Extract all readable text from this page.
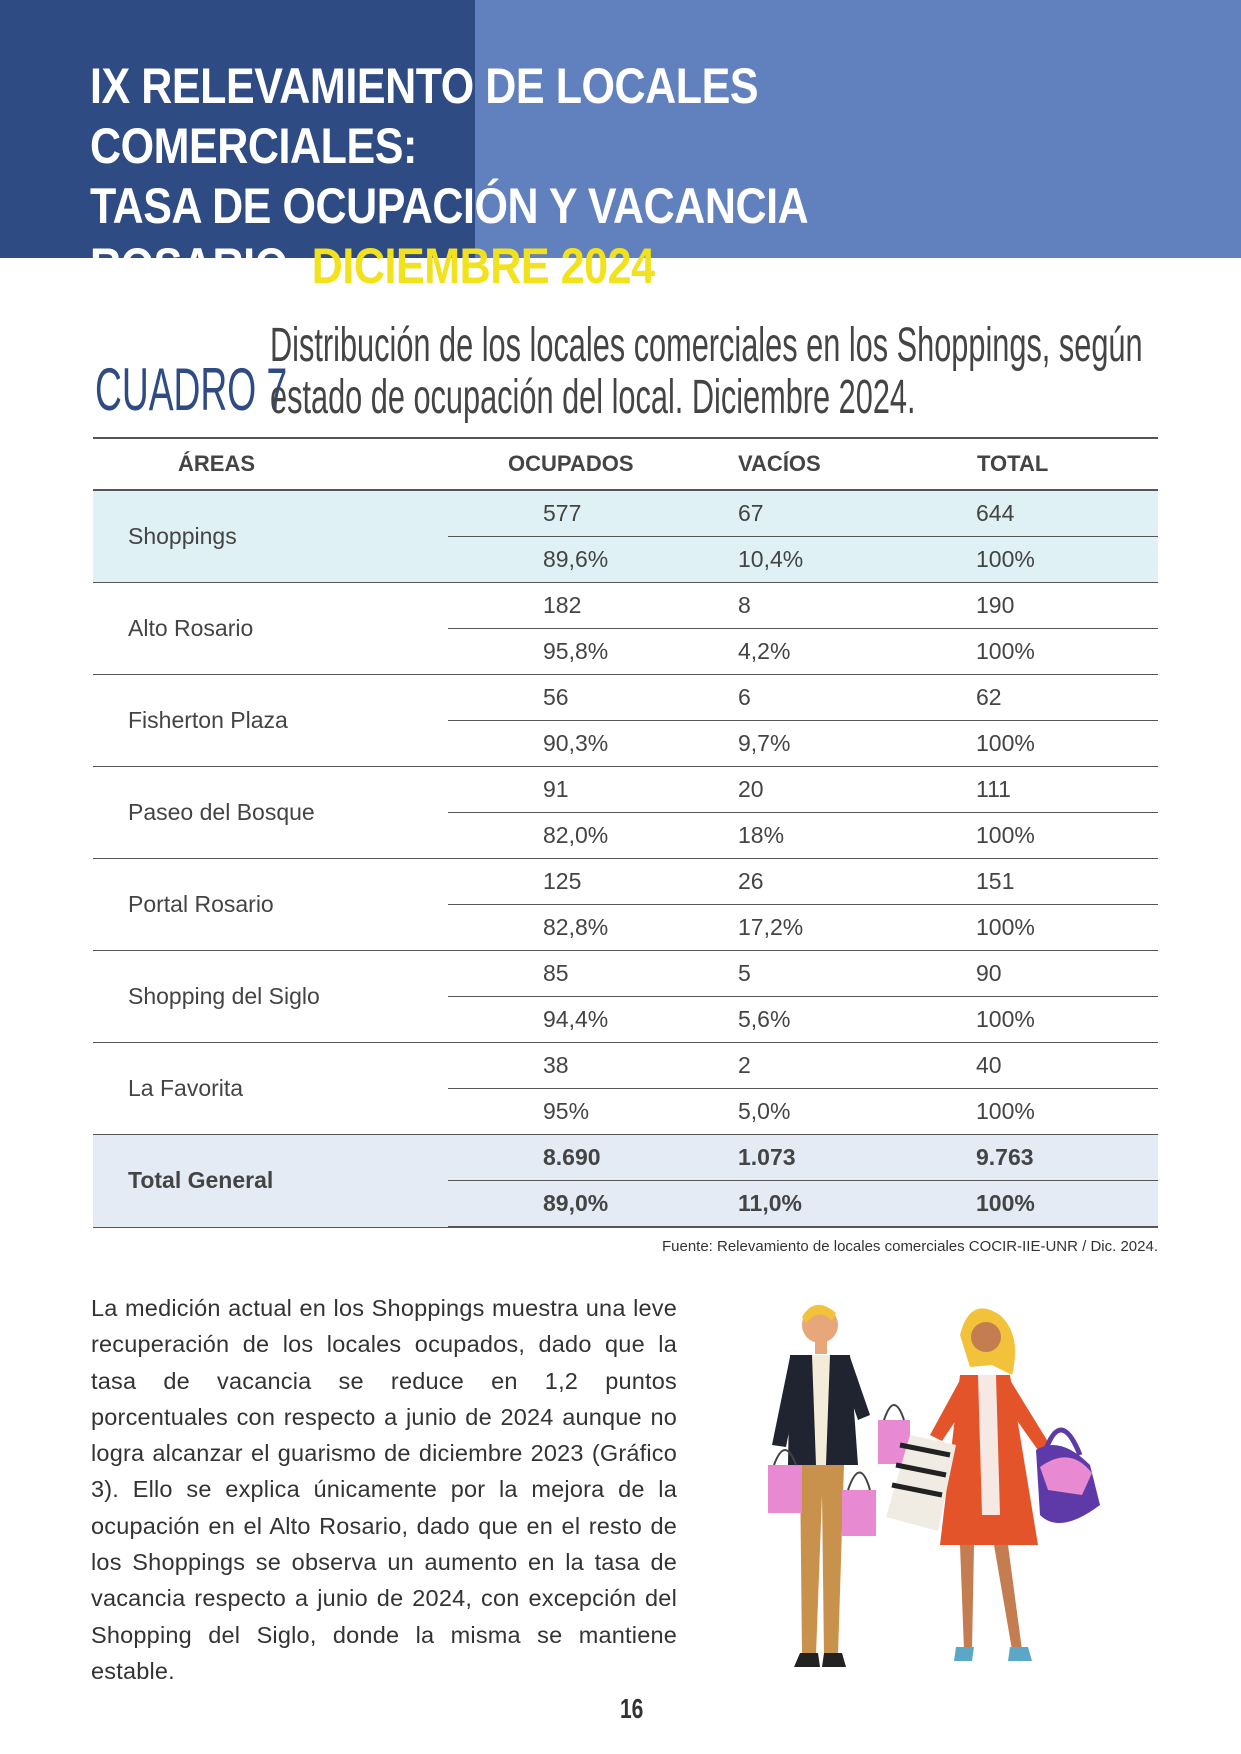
IX RELEVAMIENTO DE LOCALES COMERCIALES:
TASA DE OCUPACIÓN Y VACANCIA
ROSARIO DICIEMBRE 2024
CUADRO 7
Distribución de los locales comerciales en los Shoppings, según
estado de ocupación del local. Diciembre 2024.
ÁREAS	OCUPADOS	VACÍOS	TOTAL
Shoppings	577	67	644
	89,6%	10,4%	100%
Alto Rosario	182	8	190
	95,8%	4,2%	100%
Fisherton Plaza	56	6	62
	90,3%	9,7%	100%
Paseo del Bosque	91	20	111
	82,0%	18%	100%
Portal Rosario	125	26	151
	82,8%	17,2%	100%
Shopping del Siglo	85	5	90
	94,4%	5,6%	100%
La Favorita	38	2	40
	95%	5,0%	100%
Total General	8.690	1.073	9.763
	89,0%	11,0%	100%
Fuente: Relevamiento de locales comerciales COCIR-IIE-UNR / Dic. 2024.
La medición actual en los Shoppings muestra una leve recuperación de los locales ocupados, dado que la tasa de vacancia se reduce en 1,2 puntos porcentuales con respecto a junio de 2024 aunque no logra alcanzar el guarismo de diciembre 2023 (Gráfico 3). Ello se explica únicamente por la mejora de la ocupación en el Alto Rosario, dado que en el resto de los Shoppings se observa un aumento en la tasa de vacancia respecto a junio de 2024, con excepción del Shopping del Siglo, donde la misma se mantiene estable.
16
